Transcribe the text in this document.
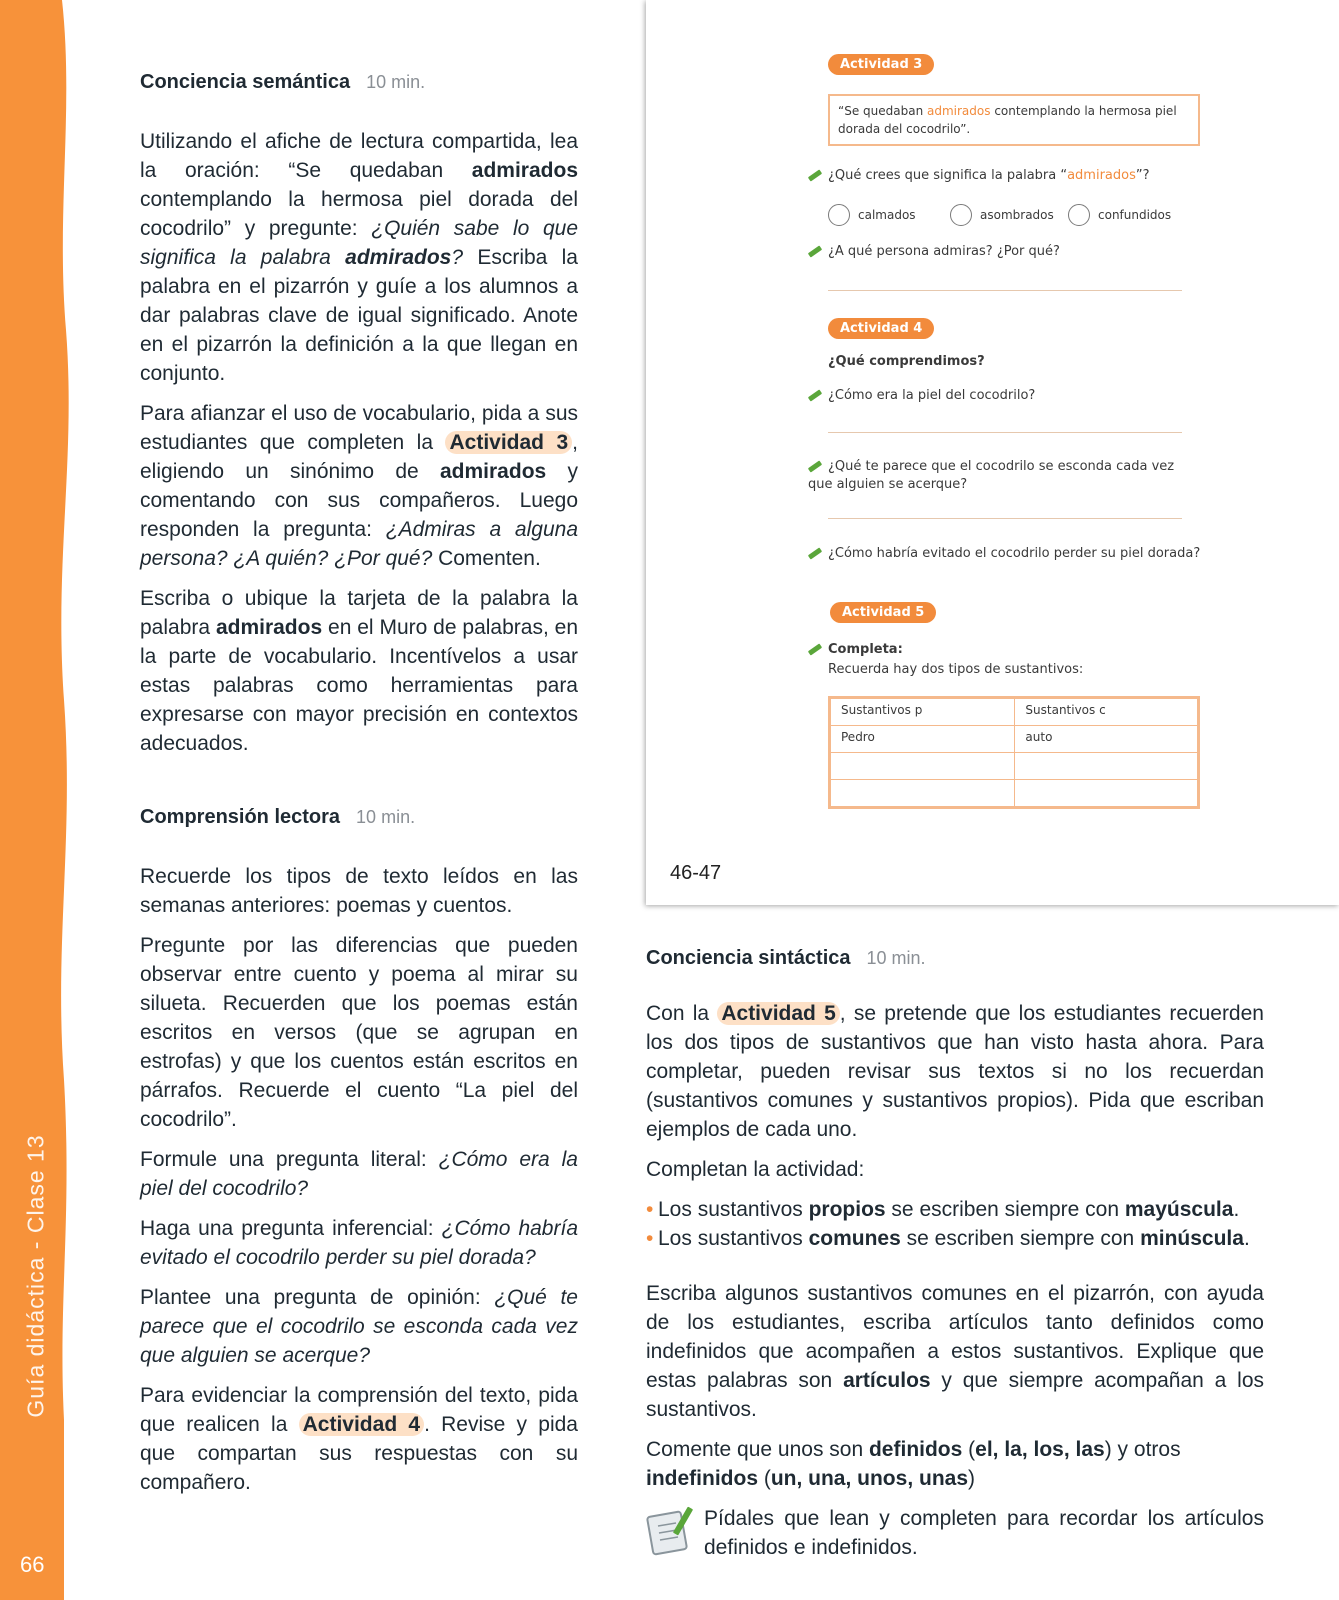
Guía didáctica - Clase 13
66
Conciencia semántica 10 min.

Utilizando el afiche de lectura compartida, lea la oración: “Se quedaban admirados contemplando la hermosa piel dorada del cocodrilo” y pregunte: ¿Quién sabe lo que significa la palabra admirados? Escriba la palabra en el pizarrón y guíe a los alumnos a dar palabras clave de igual significado. Anote en el pizarrón la definición a la que llegan en conjunto.

Para afianzar el uso de vocabulario, pida a sus estudiantes que completen la Actividad 3 , eligiendo un sinónimo de admirados y comentando con sus compañeros. Luego responden la pregunta: ¿Admiras a alguna persona? ¿A quién? ¿Por qué? Comenten.

Escriba o ubique la tarjeta de la palabra la palabra admirados en el Muro de palabras, en la parte de vocabulario. Incentívelos a usar estas palabras como herramientas para expresarse con mayor precisión en contextos adecuados.

Comprensión lectora 10 min.

Recuerde los tipos de texto leídos en las semanas anteriores: poemas y cuentos.

Pregunte por las diferencias que pueden observar entre cuento y poema al mirar su silueta. Recuerden que los poemas están escritos en versos (que se agrupan en estrofas) y que los cuentos están escritos en párrafos. Recuerde el cuento “La piel del cocodrilo”.

Formule una pregunta literal: ¿Cómo era la piel del cocodrilo?

Haga una pregunta inferencial: ¿Cómo habría evitado el cocodrilo perder su piel dorada?

Plantee una pregunta de opinión: ¿Qué te parece que el cocodrilo se esconda cada vez que alguien se acerque?

Para evidenciar la comprensión del texto, pida que realicen la Actividad 4 . Revise y pida que compartan sus respuestas con su compañero.

Actividad 3
“Se quedaban admirados contemplando la hermosa piel dorada del cocodrilo”.
¿Qué crees que significa la palabra “admirados”?
calmados	asombrados	confundidos
¿A qué persona admiras? ¿Por qué?
Actividad 4
¿Qué comprendimos?
¿Cómo era la piel del cocodrilo?
¿Qué te parece que el cocodrilo se esconda cada vez que alguien se acerque?
¿Cómo habría evitado el cocodrilo perder su piel dorada?
Actividad 5
Completa:
Recuerda hay dos tipos de sustantivos:
Sustantivos p	Sustantivos c
Pedro	auto

46-47
Conciencia sintáctica 10 min.

Con la Actividad 5 , se pretende que los estudiantes recuerden los dos tipos de sustantivos que han visto hasta ahora. Para completar, pueden revisar sus textos si no los recuerdan (sustantivos comunes y sustantivos propios). Pida que escriban ejemplos de cada uno.

Completan la actividad:

• Los sustantivos propios se escriben siempre con mayúscula.
• Los sustantivos comunes se escriben siempre con minúscula.

Escriba algunos sustantivos comunes en el pizarrón, con ayuda de los estudiantes, escriba artículos tanto definidos como indefinidos que acompañen a estos sustantivos. Explique que estas palabras son artículos y que siempre acompañan a los sustantivos.

Comente que unos son definidos (el, la, los, las) y otros indefinidos (un, una, unos, unas)

Pídales que lean y completen para recordar los artículos definidos e indefinidos.
